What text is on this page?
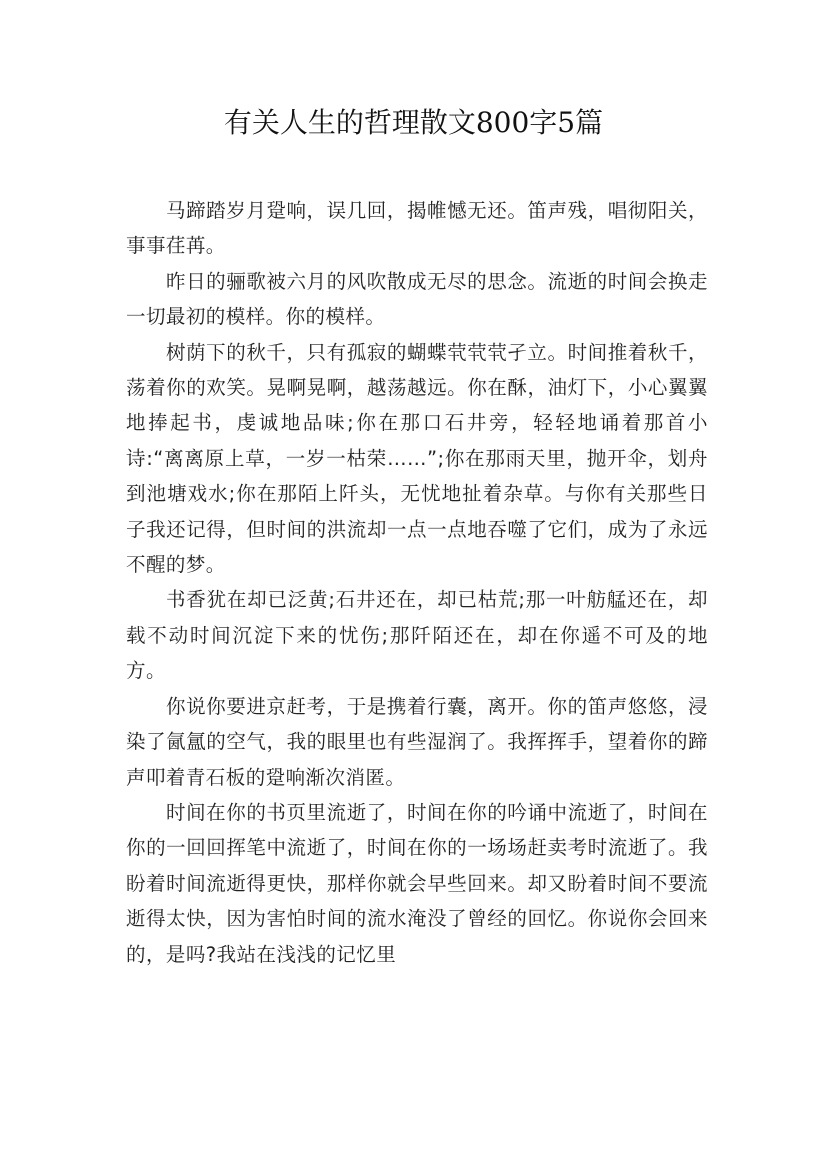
有关人生的哲理散文800字5篇

马蹄踏岁月跫响，误几回，揭帷憾无还。笛声残，唱彻阳关，事事荏苒。

昨日的骊歌被六月的风吹散成无尽的思念。流逝的时间会换走一切最初的模样。你的模样。

树荫下的秋千，只有孤寂的蝴蝶茕茕茕孑立。时间推着秋千，荡着你的欢笑。晃啊晃啊，越荡越远。你在酥，油灯下，小心翼翼地捧起书，虔诚地品味;你在那口石井旁，轻轻地诵着那首小诗:“离离原上草，一岁一枯荣……”;你在那雨天里，抛开伞，划舟到池塘戏水;你在那陌上阡头，无忧地扯着杂草。与你有关那些日子我还记得，但时间的洪流却一点一点地吞噬了它们，成为了永远不醒的梦。

书香犹在却已泛黄;石井还在，却已枯荒;那一叶舫艋还在，却载不动时间沉淀下来的忧伤;那阡陌还在，却在你遥不可及的地方。

你说你要进京赶考，于是携着行囊，离开。你的笛声悠悠，浸染了氤氲的空气，我的眼里也有些湿润了。我挥挥手，望着你的蹄声叩着青石板的跫响渐次消匿。

时间在你的书页里流逝了，时间在你的吟诵中流逝了，时间在你的一回回挥笔中流逝了，时间在你的一场场赶卖考时流逝了。我盼着时间流逝得更快，那样你就会早些回来。却又盼着时间不要流逝得太快，因为害怕时间的流水淹没了曾经的回忆。你说你会回来的，是吗?我站在浅浅的记忆里
